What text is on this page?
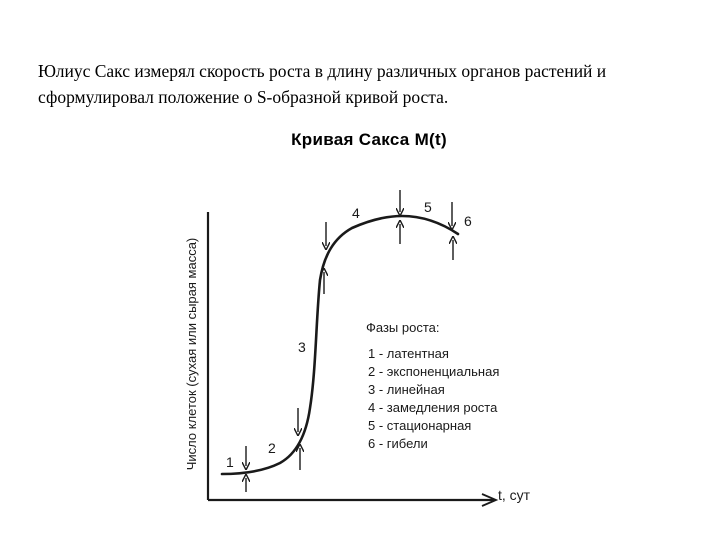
Юлиус Сакс измерял скорость роста в длину различных органов растений и
сформулировал положение о S-образной кривой роста.
Кривая Сакса M(t)
Число клеток (сухая или сырая масса)
t, сут
1
2
3
4	5
6
Фазы роста:
1 - латентная
2 - экспоненциальная
3 - линейная
4 - замедления роста
5 - стационарная
6 - гибели
